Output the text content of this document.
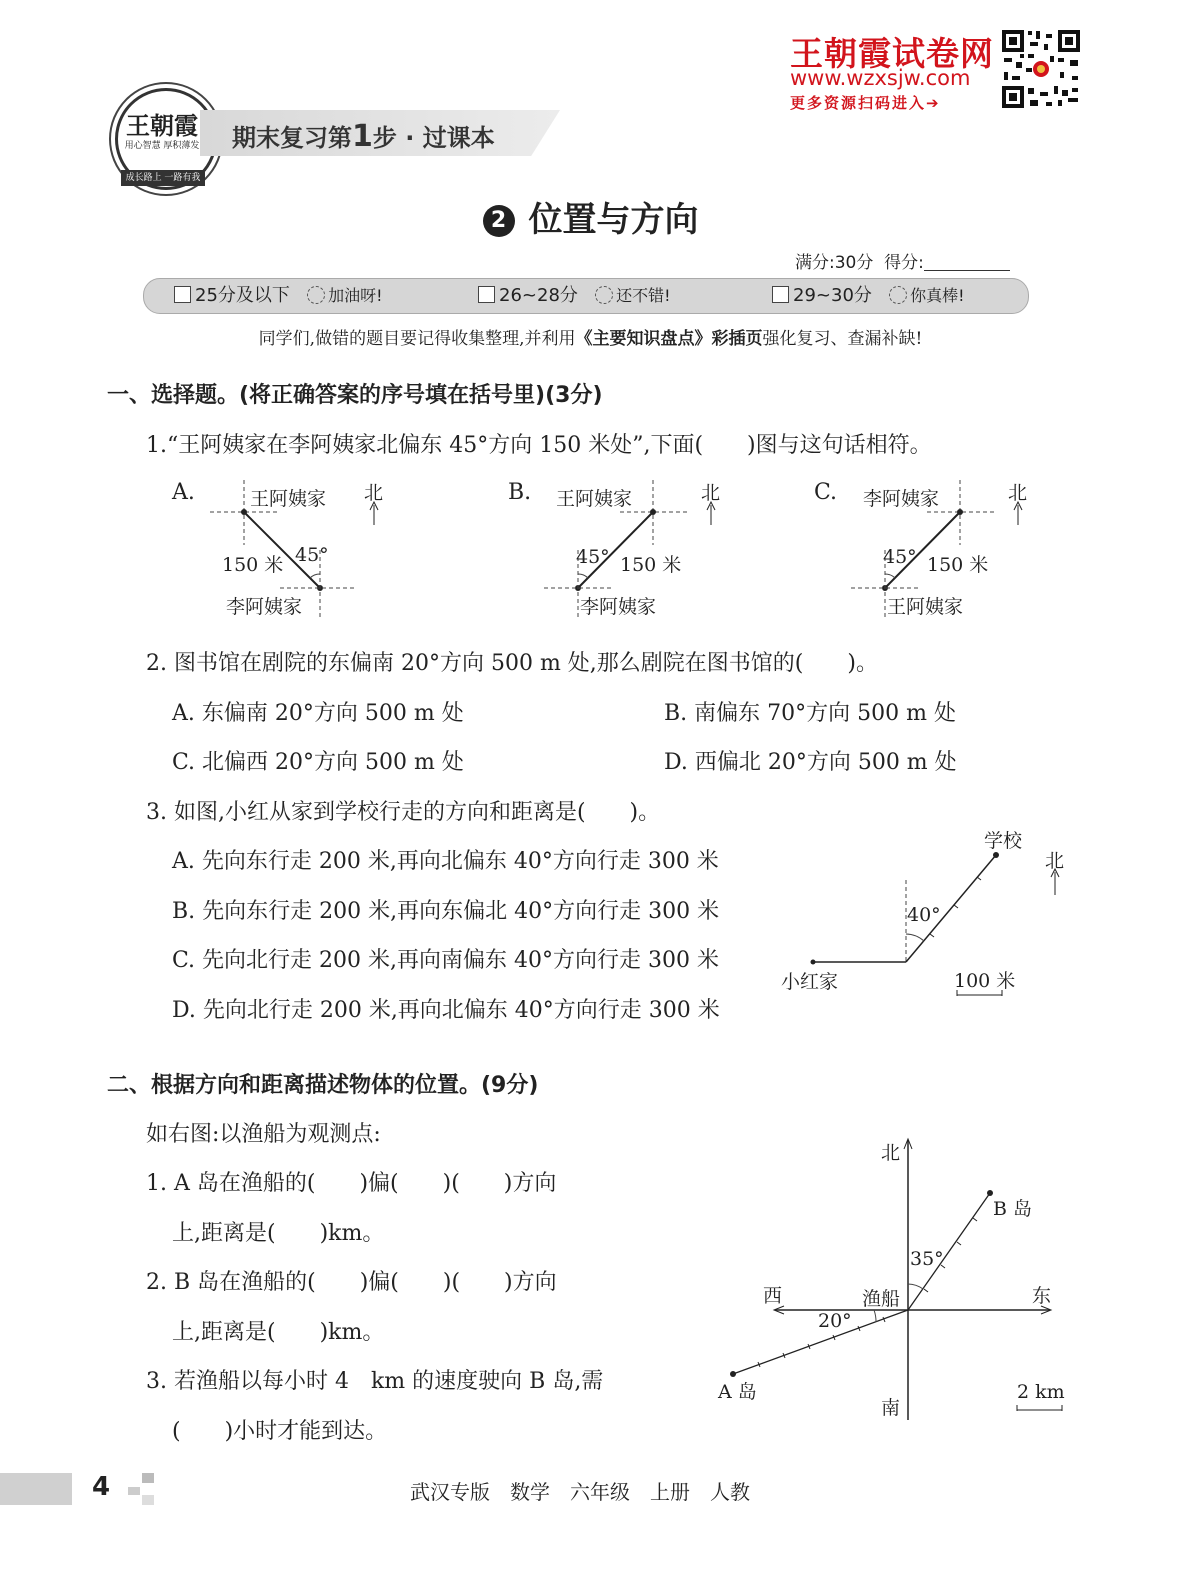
王朝霞
用心智慧 厚积薄发
成长路上 一路有我
期末复习第1步 · 过课本
王朝霞试卷网
www.wzxsjw.com
更多资源扫码进入➔
2 位置与方向
满分:30分 得分:
25分及以下 加油呀!	26~28分 还不错!	29~30分 你真棒!
同学们,做错的题目要记得收集整理,并利用《主要知识盘点》彩插页强化复习、查漏补缺!
一、选择题。(将正确答案的序号填在括号里)(3分)
1.“王阿姨家在李阿姨家北偏东 45°方向 150 米处”,下面(　　)图与这句话相符。
A.	王阿姨家 北
150 米 45°
李阿姨家
B. 王阿姨家	北
45° 150 米
李阿姨家
C. 李阿姨家	北
45° 150 米
王阿姨家
2. 图书馆在剧院的东偏南 20°方向 500 m 处,那么剧院在图书馆的(　　)。
A. 东偏南 20°方向 500 m 处	B. 南偏东 70°方向 500 m 处
C. 北偏西 20°方向 500 m 处	D. 西偏北 20°方向 500 m 处
3. 如图,小红从家到学校行走的方向和距离是(　　)。
A. 先向东行走 200 米,再向北偏东 40°方向行走 300 米
B. 先向东行走 200 米,再向东偏北 40°方向行走 300 米
C. 先向北行走 200 米,再向南偏东 40°方向行走 300 米
D. 先向北行走 200 米,再向北偏东 40°方向行走 300 米
学校
北
40°
小红家	100 米
二、根据方向和距离描述物体的位置。(9分)
如右图:以渔船为观测点:
1. A 岛在渔船的(　　)偏(　　)(　　)方向
上,距离是(　　)km。
2. B 岛在渔船的(　　)偏(　　)(　　)方向
上,距离是(　　)km。
3. 若渔船以每小时 4　km 的速度驶向 B 岛,需
(　　)小时才能到达。
北
B 岛
35°
西	渔船	东
20°
A 岛	2 km
南
4	武汉专版　数学　六年级　上册　人教
